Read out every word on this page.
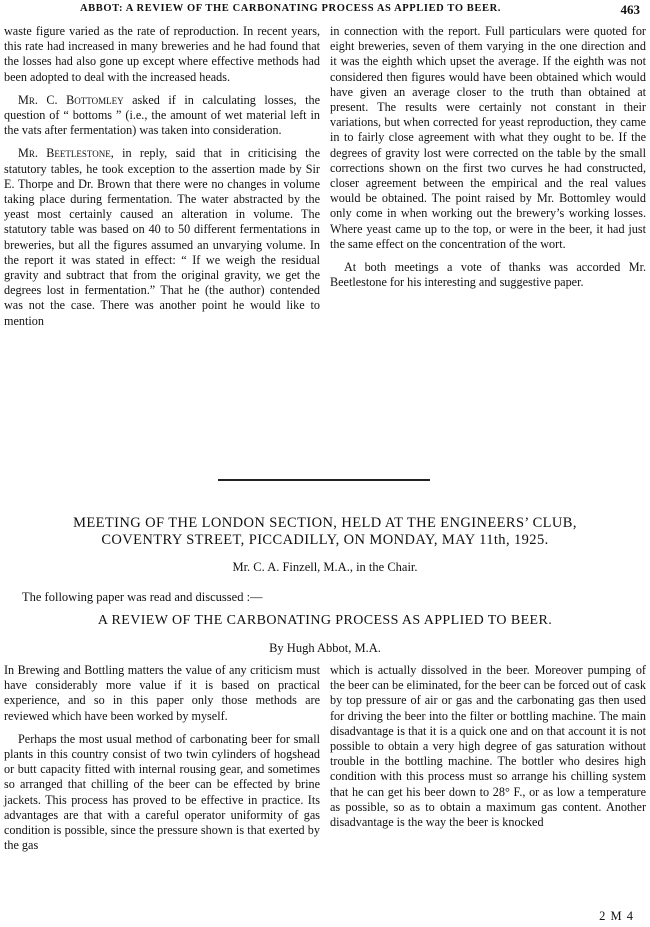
ABBOT: A REVIEW OF THE CARBONATING PROCESS AS APPLIED TO BEER.	463

waste figure varied as the rate of reproduction. In recent years, this rate had increased in many breweries and he had found that the losses had also gone up except where effective methods had been adopted to deal with the increased heads.

Mr. C. Bottomley asked if in calculating losses, the question of “ bottoms ” (i.e., the amount of wet material left in the vats after fermentation) was taken into consideration.

Mr. Beetlestone, in reply, said that in criticising the statutory tables, he took exception to the assertion made by Sir E. Thorpe and Dr. Brown that there were no changes in volume taking place during fermentation. The water abstracted by the yeast most certainly caused an alteration in volume. The statutory table was based on 40 to 50 different fermentations in breweries, but all the figures assumed an unvarying volume. In the report it was stated in effect: “ If we weigh the residual gravity and subtract that from the original gravity, we get the degrees lost in fermentation.” That he (the author) contended was not the case. There was another point he would like to mention

in connection with the report. Full particulars were quoted for eight breweries, seven of them varying in the one direction and it was the eighth which upset the average. If the eighth was not considered then figures would have been obtained which would have given an average closer to the truth than obtained at present. The results were certainly not constant in their variations, but when corrected for yeast reproduction, they came in to fairly close agreement with what they ought to be. If the degrees of gravity lost were corrected on the table by the small corrections shown on the first two curves he had constructed, closer agreement between the empirical and the real values would be obtained. The point raised by Mr. Bottomley would only come in when working out the brewery’s working losses. Where yeast came up to the top, or were in the beer, it had just the same effect on the concentration of the wort.

At both meetings a vote of thanks was accorded Mr. Beetlestone for his interesting and suggestive paper.

MEETING OF THE LONDON SECTION, HELD AT THE ENGINEERS’ CLUB,
COVENTRY STREET, PICCADILLY, ON MONDAY, MAY 11th, 1925.
Mr. C. A. Finzell, M.A., in the Chair.
The following paper was read and discussed :—
A REVIEW OF THE CARBONATING PROCESS AS APPLIED TO BEER.
By Hugh Abbot, M.A.

In Brewing and Bottling matters the value of any criticism must have considerably more value if it is based on practical experience, and so in this paper only those methods are reviewed which have been worked by myself.

Perhaps the most usual method of carbonating beer for small plants in this country consist of two twin cylinders of hogshead or butt capacity fitted with internal rousing gear, and sometimes so arranged that chilling of the beer can be effected by brine jackets. This process has proved to be effective in practice. Its advantages are that with a careful operator uniformity of gas condition is possible, since the pressure shown is that exerted by the gas

which is actually dissolved in the beer. Moreover pumping of the beer can be eliminated, for the beer can be forced out of cask by top pressure of air or gas and the carbonating gas then used for driving the beer into the filter or bottling machine. The main disadvantage is that it is a quick one and on that account it is not possible to obtain a very high degree of gas saturation without trouble in the bottling machine. The bottler who desires high condition with this process must so arrange his chilling system that he can get his beer down to 28° F., or as low a temperature as possible, so as to obtain a maximum gas content. Another disadvantage is the way the beer is knocked

2 M 4
